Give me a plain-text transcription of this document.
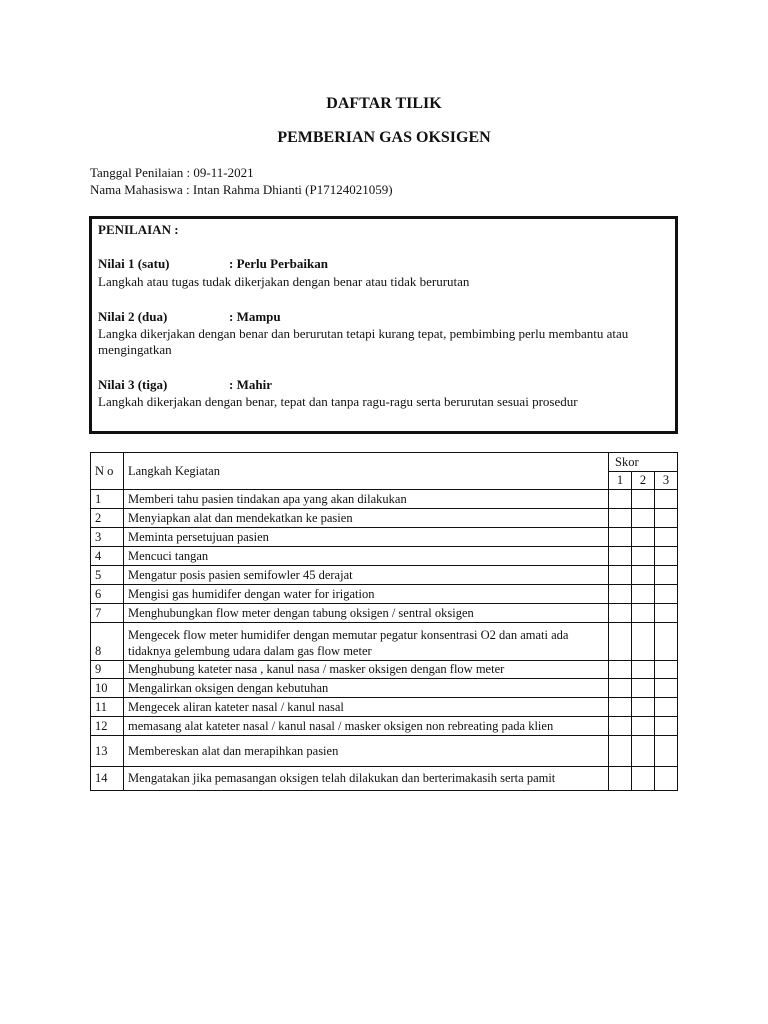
DAFTAR TILIK
PEMBERIAN GAS OKSIGEN
Tanggal Penilaian : 09-11-2021
Nama Mahasiswa : Intan Rahma Dhianti (P17124021059)
PENILAIAN :
Nilai 1 (satu)	: Perlu Perbaikan
Langkah atau tugas tudak dikerjakan dengan benar atau tidak berurutan
Nilai 2 (dua)	: Mampu
Langka dikerjakan dengan benar dan berurutan tetapi kurang tepat, pembimbing perlu membantu atau mengingatkan
Nilai 3 (tiga)	: Mahir
Langkah dikerjakan dengan benar, tepat dan tanpa ragu-ragu serta berurutan sesuai prosedur
N o	Langkah Kegiatan	Skor		
		1	2	3
1	Memberi tahu pasien tindakan apa yang akan dilakukan			
2	Menyiapkan alat dan mendekatkan ke pasien			
3	Meminta persetujuan pasien			
4	Mencuci tangan			
5	Mengatur posis pasien semifowler 45 derajat			
6	Mengisi gas humidifer dengan water for irigation			
7	Menghubungkan flow meter dengan tabung oksigen / sentral oksigen			
8	Mengecek flow meter humidifer dengan memutar pegatur konsentrasi O2 dan amati ada tidaknya gelembung udara dalam gas flow meter			
9	Menghubung kateter nasa , kanul nasa / masker oksigen dengan flow meter			
10	Mengalirkan oksigen dengan kebutuhan			
11	Mengecek aliran kateter nasal / kanul nasal			
12	memasang alat kateter nasal / kanul nasal / masker oksigen non rebreating pada klien			
13	Membereskan alat dan merapihkan pasien			
14	Mengatakan jika pemasangan oksigen telah dilakukan dan berterimakasih serta pamit			
